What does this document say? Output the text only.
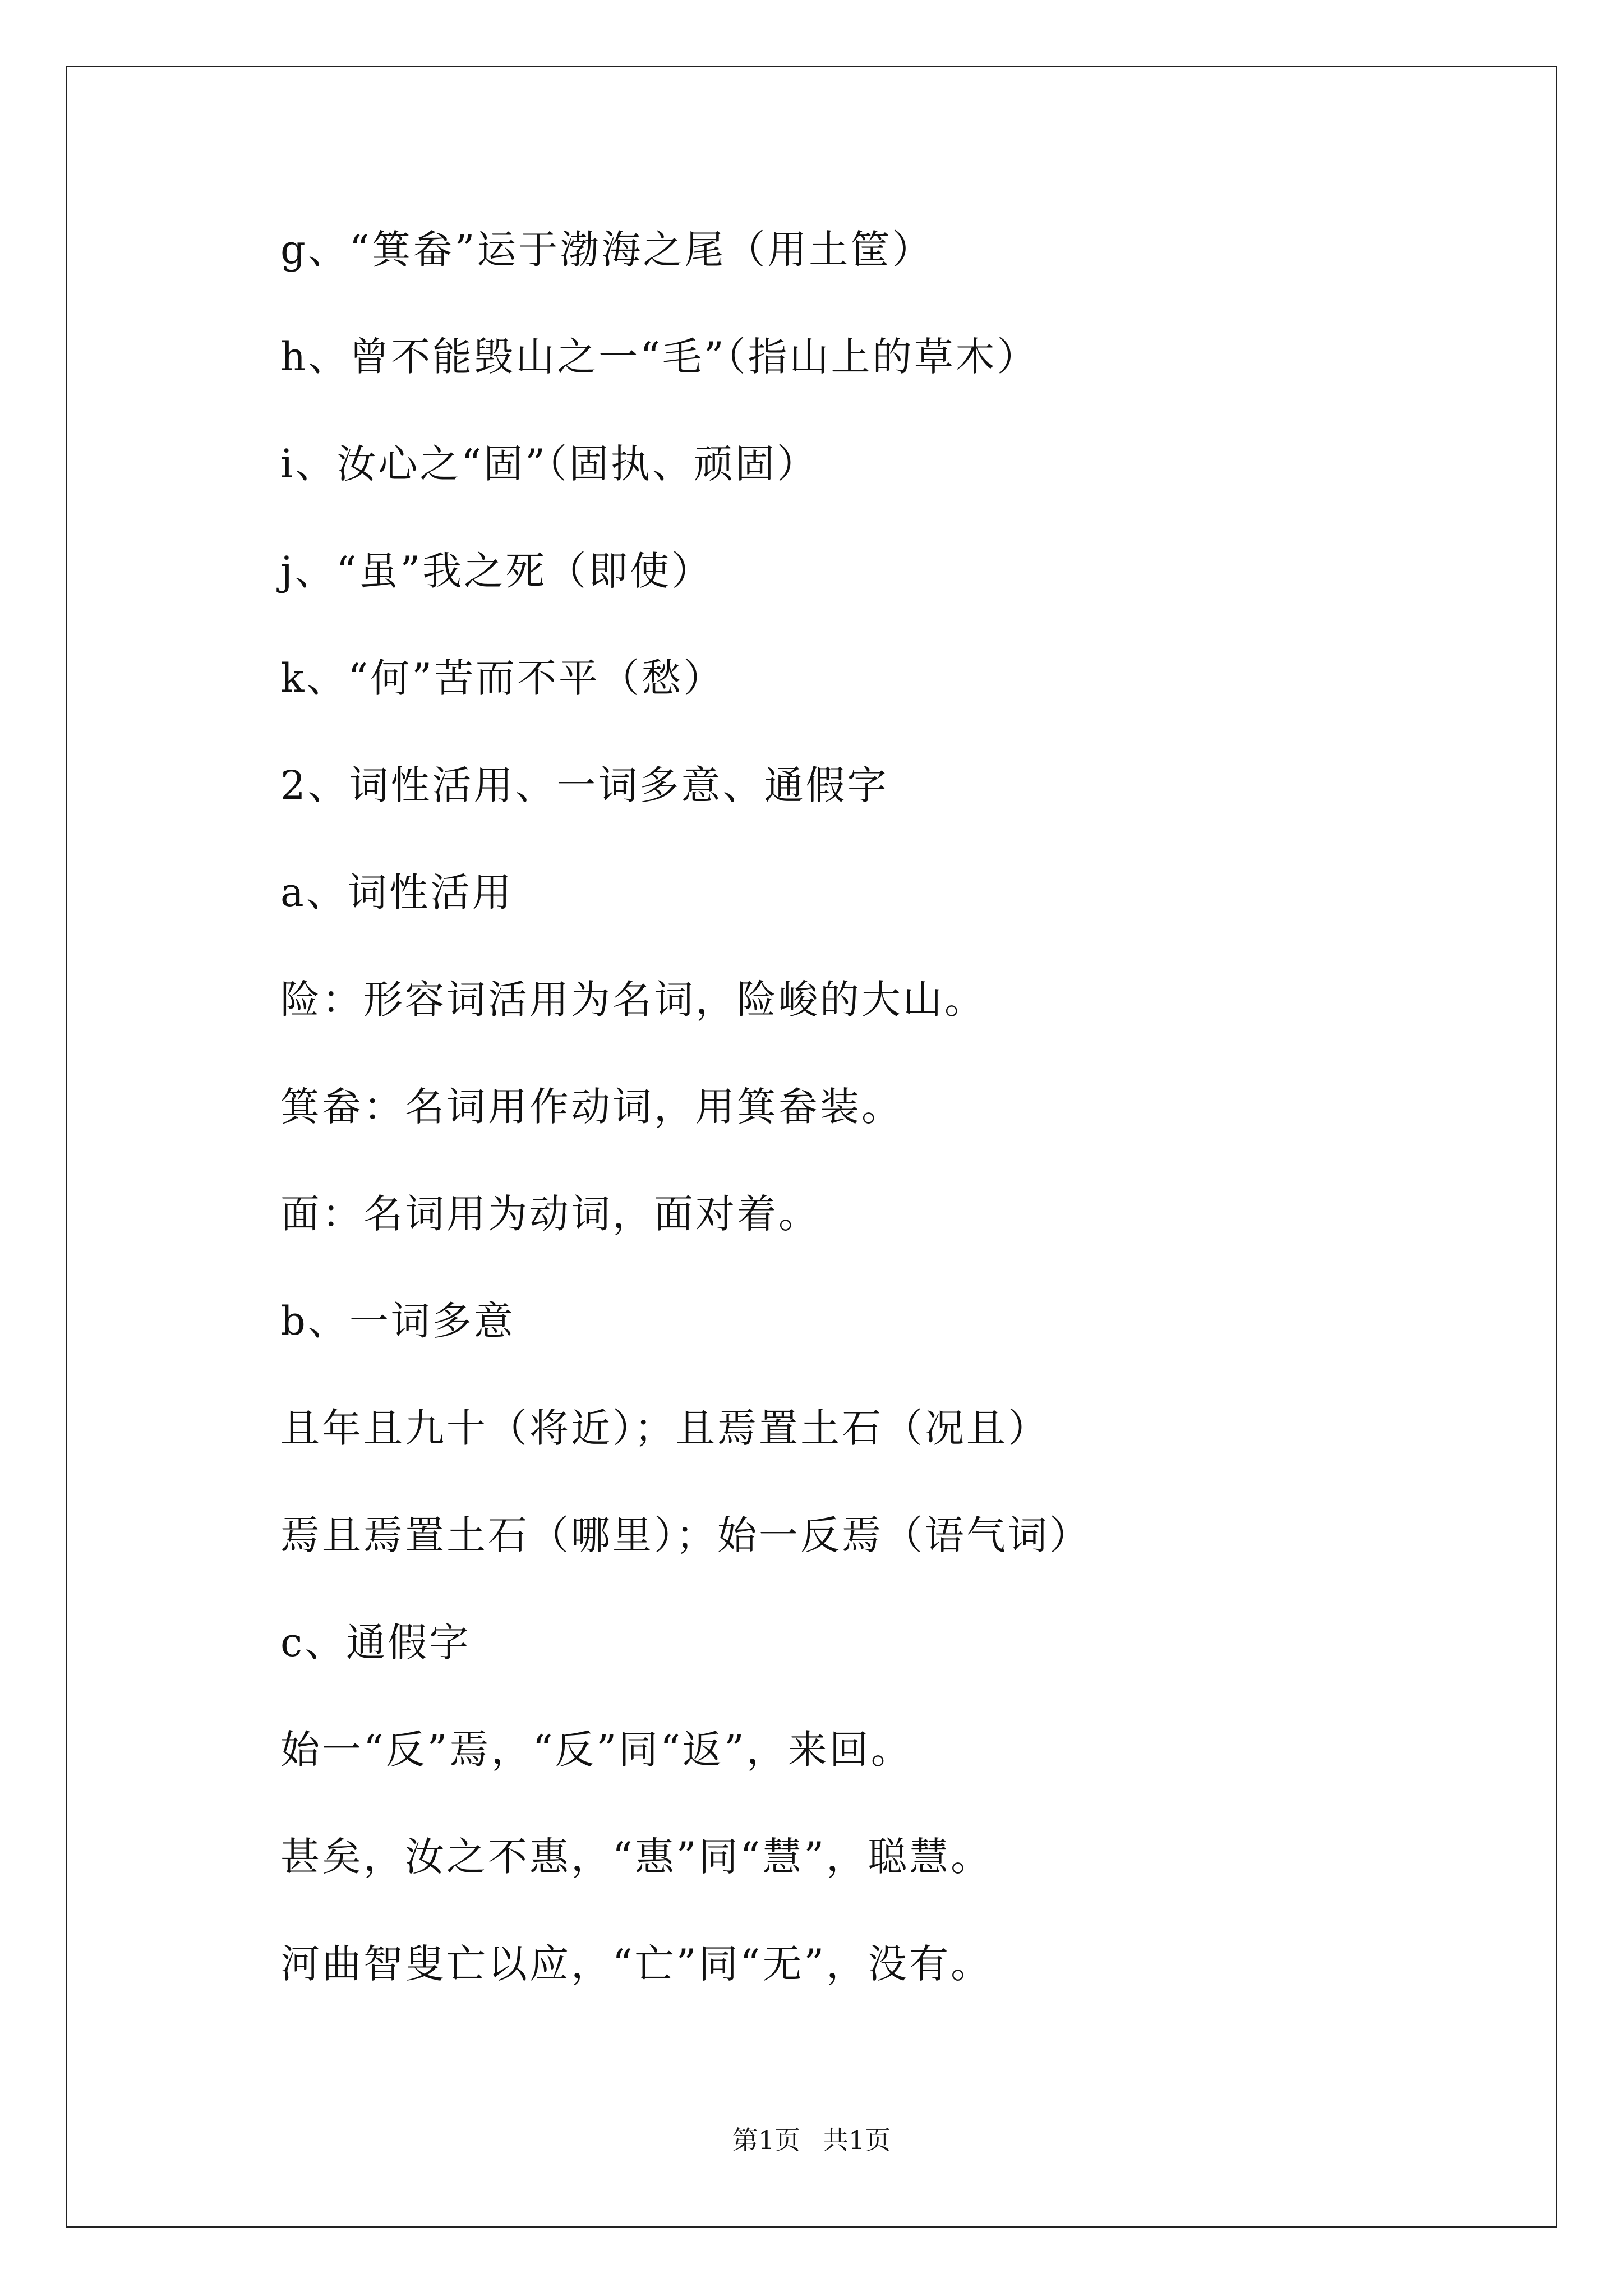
g、“箕畚”运于渤海之尾（用土筐）
h、曾不能毁山之一“毛”（指山上的草木）
i、汝心之“固”（固执、顽固）
j、“虽”我之死（即使）
k、“何”苦而不平（愁）
2、词性活用、一词多意、通假字
a、词性活用
险：形容词活用为名词，险峻的大山。
箕畚：名词用作动词，用箕畚装。
面：名词用为动词，面对着。
b、一词多意
且年且九十（将近）；且焉置土石（况且）
焉且焉置土石（哪里）；始一反焉（语气词）
c、通假字
始一“反”焉，“反”同“返”，来回。
甚矣，汝之不惠，“惠”同“慧”，聪慧。
河曲智叟亡以应，“亡”同“无”，没有。
第1页 共1页
